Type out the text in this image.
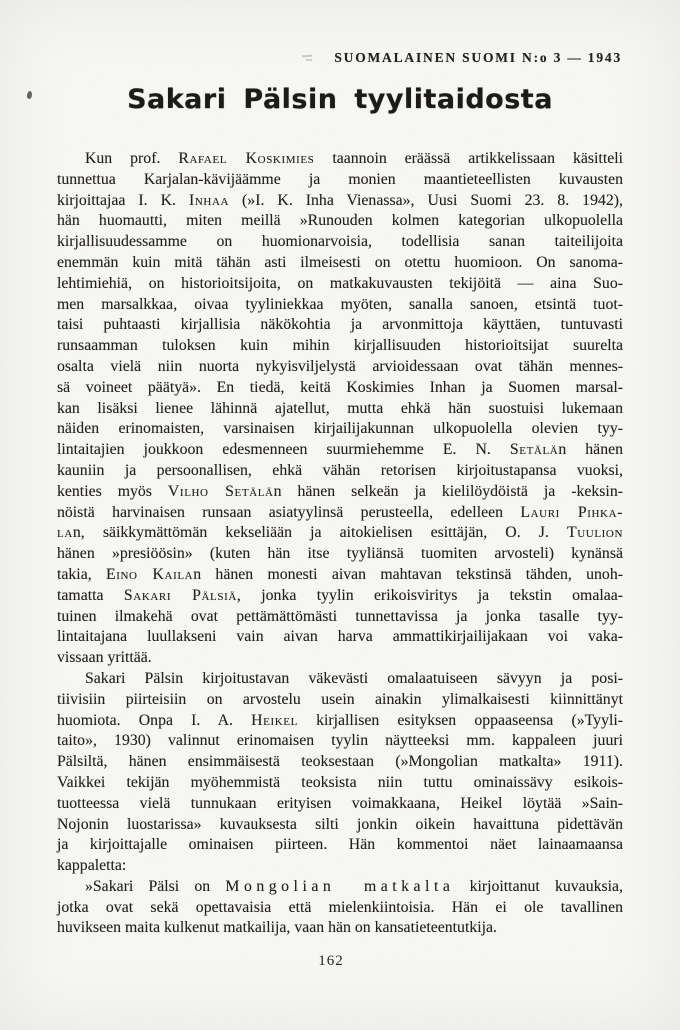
SUOMALAINEN SUOMI N:o 3 — 1943
Sakari Pälsin tyylitaidosta
Kun prof. Rafael Koskimies taannoin eräässä artikkelissaan käsitteli
tunnettua Karjalan-kävijäämme ja monien maantieteellisten kuvausten
kirjoittajaa I. K. Inhaa (»I. K. Inha Vienassa», Uusi Suomi 23. 8. 1942),
hän huomautti, miten meillä »Runouden kolmen kategorian ulkopuolella
kirjallisuudessamme on huomionarvoisia, todellisia sanan taiteilijoita
enemmän kuin mitä tähän asti ilmeisesti on otettu huomioon. On sanoma-
lehtimiehiä, on historioitsijoita, on matkakuvausten tekijöitä — aina Suo-
men marsalkkaa, oivaa tyyliniekkaa myöten, sanalla sanoen, etsintä tuot-
taisi puhtaasti kirjallisia näkökohtia ja arvonmittoja käyttäen, tuntuvasti
runsaamman tuloksen kuin mihin kirjallisuuden historioitsijat suurelta
osalta vielä niin nuorta nykyisviljelystä arvioidessaan ovat tähän mennes-
sä voineet päätyä». En tiedä, keitä Koskimies Inhan ja Suomen marsal-
kan lisäksi lienee lähinnä ajatellut, mutta ehkä hän suostuisi lukemaan
näiden erinomaisten, varsinaisen kirjailijakunnan ulkopuolella olevien tyy-
lintaitajien joukkoon edesmenneen suurmiehemme E. N. Setälän hänen
kauniin ja persoonallisen, ehkä vähän retorisen kirjoitustapansa vuoksi,
kenties myös Vilho Setälän hänen selkeän ja kielilöydöistä ja -keksin-
nöistä harvinaisen runsaan asiatyylinsä perusteella, edelleen Lauri Pihka-
lan, säikkymättömän kekseliään ja aitokielisen esittäjän, O. J. Tuulion
hänen »presiöösin» (kuten hän itse tyyliänsä tuomiten arvosteli) kynänsä
takia, Eino Kailan hänen monesti aivan mahtavan tekstinsä tähden, unoh-
tamatta Sakari Pälsiä, jonka tyylin erikoisviritys ja tekstin omalaa-
tuinen ilmakehä ovat pettämättömästi tunnettavissa ja jonka tasalle tyy-
lintaitajana luullakseni vain aivan harva ammattikirjailijakaan voi vaka-
vissaan yrittää.
Sakari Pälsin kirjoitustavan väkevästi omalaatuiseen sävyyn ja posi-
tiivisiin piirteisiin on arvostelu usein ainakin ylimalkaisesti kiinnittänyt
huomiota. Onpa I. A. Heikel kirjallisen esityksen oppaaseensa (»Tyyli-
taito», 1930) valinnut erinomaisen tyylin näytteeksi mm. kappaleen juuri
Pälsiltä, hänen ensimmäisestä teoksestaan (»Mongolian matkalta» 1911).
Vaikkei tekijän myöhemmistä teoksista niin tuttu ominaissävy esikois-
tuotteessa vielä tunnukaan erityisen voimakkaana, Heikel löytää »Sain-
Nojonin luostarissa» kuvauksesta silti jonkin oikein havaittuna pidettävän
ja kirjoittajalle ominaisen piirteen. Hän kommentoi näet lainaamaansa
kappaletta:
»Sakari Pälsi on Mongolian matkalta kirjoittanut kuvauksia,
jotka ovat sekä opettavaisia että mielenkiintoisia. Hän ei ole tavallinen
huvikseen maita kulkenut matkailija, vaan hän on kansatieteentutkija.
162
